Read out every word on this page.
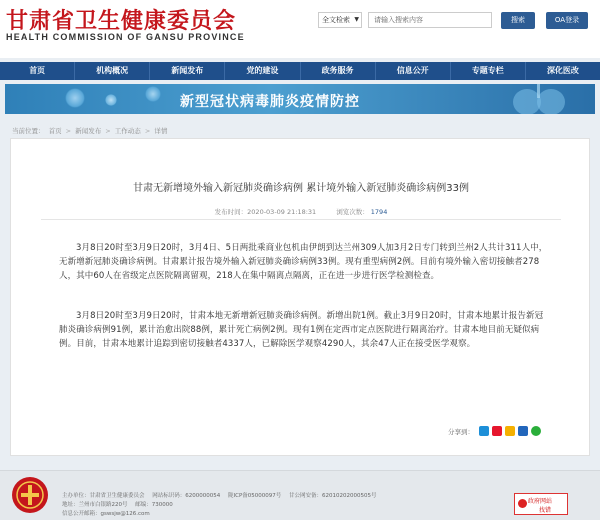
甘肃省卫生健康委员会
HEALTH COMMISSION OF GANSU PROVINCE
全文检索 ▼	请输入搜索内容	搜索	OA登录
首页	机构概况	新闻发布	党的建设	政务服务	信息公开	专题专栏	深化医改
新型冠状病毒肺炎疫情防控
当前位置： 首页 > 新闻发布 > 工作动态 > 详情
甘肃无新增境外输入新冠肺炎确诊病例 累计境外输入新冠肺炎确诊病例33例
发布时间：2020-03-09 21:18:31	浏览次数： 1794

3月8日20时至3月9日20时，3月4日、5日两批乘商业包机由伊朗到达兰州309人加3月2日专门转到兰州2人共计311人中，无新增新冠肺炎确诊病例。甘肃累计报告境外输入新冠肺炎确诊病例33例。现有重型病例2例。目前有境外输入密切接触者278人，其中60人在省级定点医院隔离留观，218人在集中隔离点隔离，正在进一步进行医学检测检查。

3月8日20时至3月9日20时，甘肃本地无新增新冠肺炎确诊病例。新增出院1例。截止3月9日20时，甘肃本地累计报告新冠肺炎确诊病例91例，累计治愈出院88例，累计死亡病例2例。现有1例在定西市定点医院进行隔离治疗。甘肃本地目前无疑似病例。目前，甘肃本地累计追踪到密切接触者4337人，已解除医学观察4290人，其余47人正在接受医学观察。

分享到：
主办单位：甘肃省卫生健康委员会 网站标识码：6200000054 陇ICP备05000097号 甘公网安备：62010202000505号
地址：兰州市白银路220号 邮编：730000
信息公开邮箱：gswsjw@126.com
政府网站
找错
